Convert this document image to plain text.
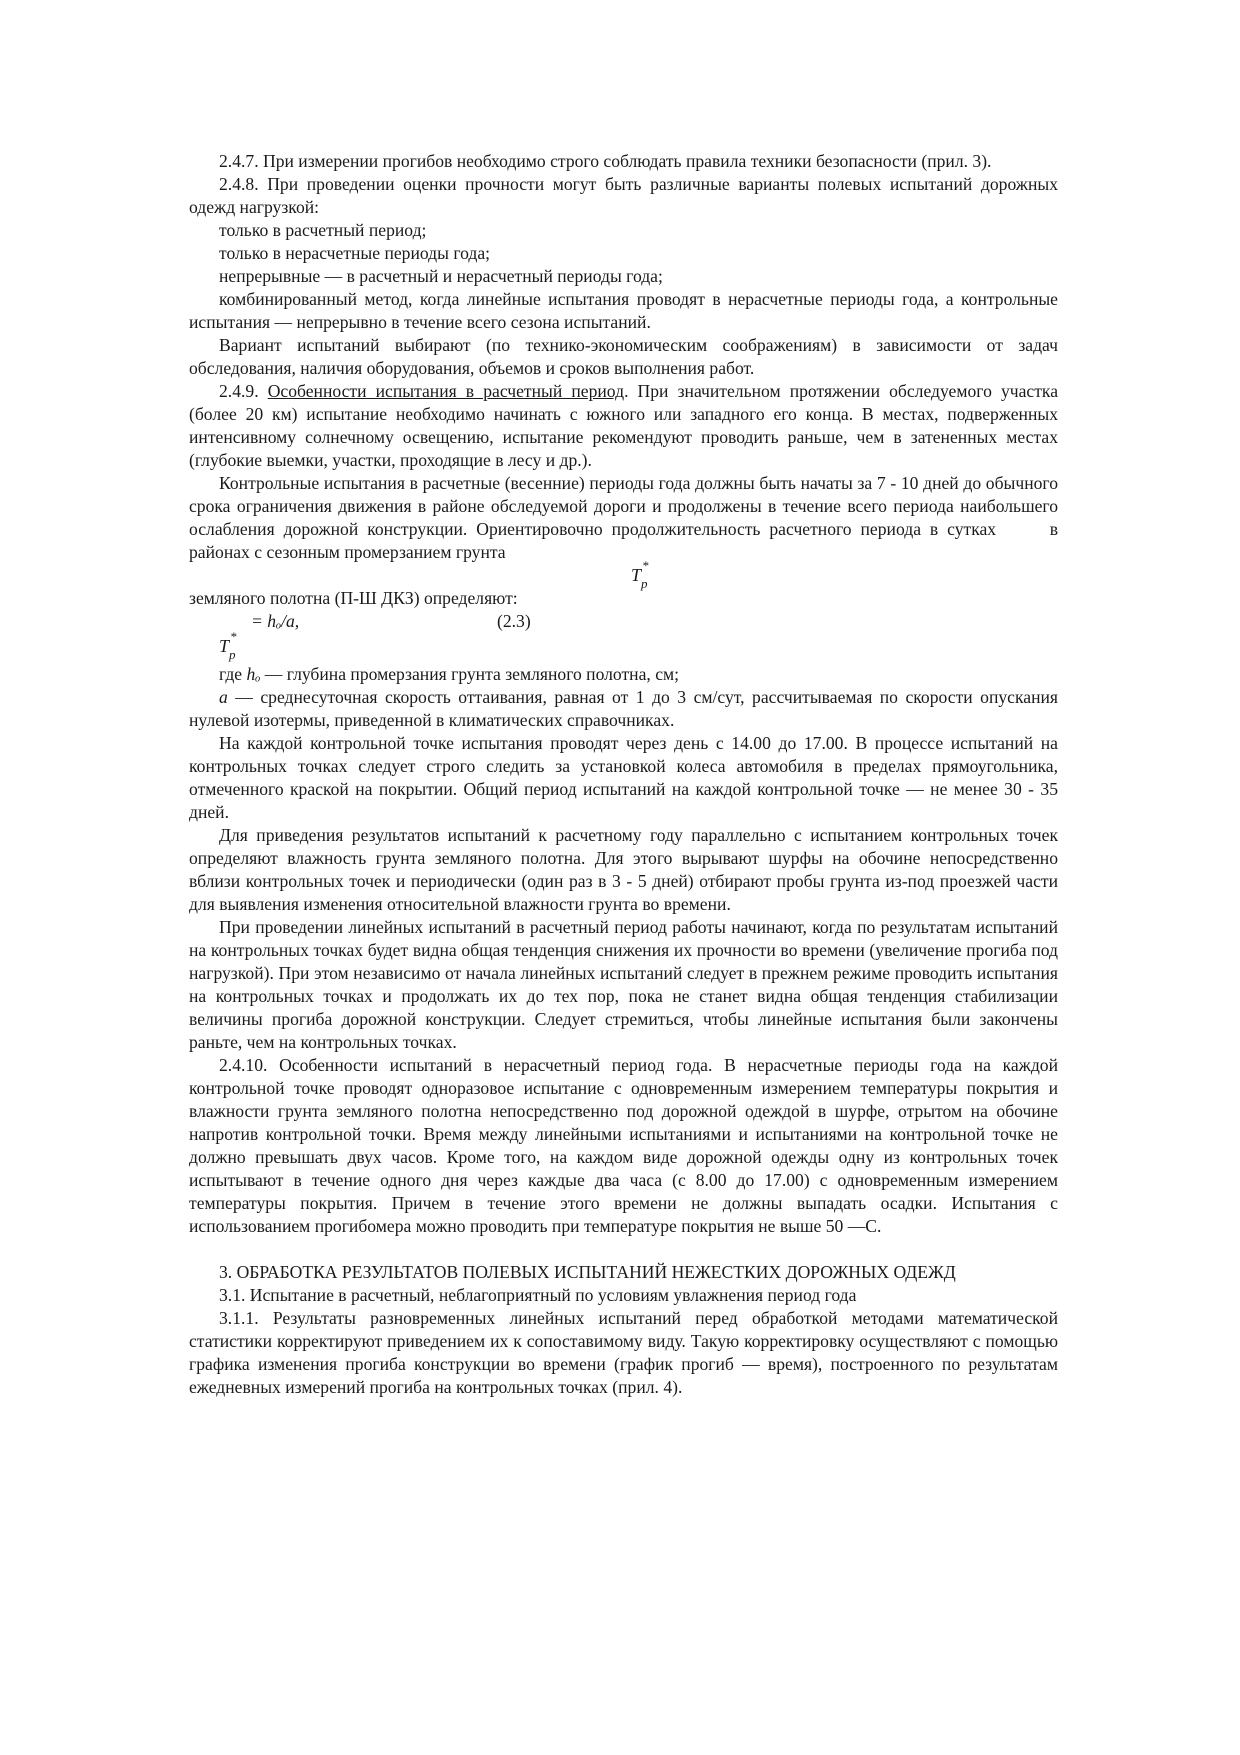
2.4.7. При измерении прогибов необходимо строго соблюдать правила техники безопасности (прил. 3).

2.4.8. При проведении оценки прочности могут быть различные варианты полевых испытаний дорожных одежд нагрузкой:

только в расчетный период;

только в нерасчетные периоды года;

непрерывные — в расчетный и нерасчетный периоды года;

комбинированный метод, когда линейные испытания проводят в нерасчетные периоды года, а контрольные испытания — непрерывно в течение всего сезона испытаний.

Вариант испытаний выбирают (по технико-экономическим соображениям) в зависимости от задач обследования, наличия оборудования, объемов и сроков выполнения работ.

2.4.9. Особенности испытания в расчетный период. При значительном протяжении обследуемого участка (более 20 км) испытание необходимо начинать с южного или западного его конца. В местах, подверженных интенсивному солнечному освещению, испытание рекомендуют проводить раньше, чем в затененных местах (глубокие выемки, участки, проходящие в лесу и др.).

Контрольные испытания в расчетные (весенние) периоды года должны быть начаты за 7 - 10 дней до обычного срока ограничения движения в районе обследуемой дороги и продолжены в течение всего периода наибольшего ослабления дорожной конструкции. Ориентировочно продолжительность расчетного периода в сутках	в районах с сезонным промерзанием грунта

$T_p$
*

земляного полотна (П-Ш ДКЗ) определяют:

= hₒ/a,	(2.3)
$T_p$
*

где hₒ — глубина промерзания грунта земляного полотна, см;

a — среднесуточная скорость оттаивания, равная от 1 до 3 см/сут, рассчитываемая по скорости опускания нулевой изотермы, приведенной в климатических справочниках.

На каждой контрольной точке испытания проводят через день с 14.00 до 17.00. В процессе испытаний на контрольных точках следует строго следить за установкой колеса автомобиля в пределах прямоугольника, отмеченного краской на покрытии. Общий период испытаний на каждой контрольной точке — не менее 30 - 35 дней.

Для приведения результатов испытаний к расчетному году параллельно с испытанием контрольных точек определяют влажность грунта земляного полотна. Для этого вырывают шурфы на обочине непосредственно вблизи контрольных точек и периодически (один раз в 3 - 5 дней) отбирают пробы грунта из-под проезжей части для выявления изменения относительной влажности грунта во времени.

При проведении линейных испытаний в расчетный период работы начинают, когда по результатам испытаний на контрольных точках будет видна общая тенденция снижения их прочности во времени (увеличение прогиба под нагрузкой). При этом независимо от начала линейных испытаний следует в прежнем режиме проводить испытания на контрольных точках и продолжать их до тех пор, пока не станет видна общая тенденция стабилизации величины прогиба дорожной конструкции. Следует стремиться, чтобы линейные испытания были закончены раньте, чем на контрольных точках.

2.4.10. Особенности испытаний в нерасчетный период года. В нерасчетные периоды года на каждой контрольной точке проводят одноразовое испытание с одновременным измерением температуры покрытия и влажности грунта земляного полотна непосредственно под дорожной одеждой в шурфе, отрытом на обочине напротив контрольной точки. Время между линейными испытаниями и испытаниями на контрольной точке не должно превышать двух часов. Кроме того, на каждом виде дорожной одежды одну из контрольных точек испытывают в течение одного дня через каждые два часа (с 8.00 до 17.00) с одновременным измерением температуры покрытия. Причем в течение этого времени не должны выпадать осадки. Испытания с использованием прогибомера можно проводить при температуре покрытия не выше 50 —С.

3. ОБРАБОТКА РЕЗУЛЬТАТОВ ПОЛЕВЫХ ИСПЫТАНИЙ НЕЖЕСТКИХ ДОРОЖНЫХ ОДЕЖД

3.1. Испытание в расчетный, неблагоприятный по условиям увлажнения период года

3.1.1. Результаты разновременных линейных испытаний перед обработкой методами математической статистики корректируют приведением их к сопоставимому виду. Такую корректировку осуществляют с помощью графика изменения прогиба конструкции во времени (график прогиб — время), построенного по результатам ежедневных измерений прогиба на контрольных точках (прил. 4).
